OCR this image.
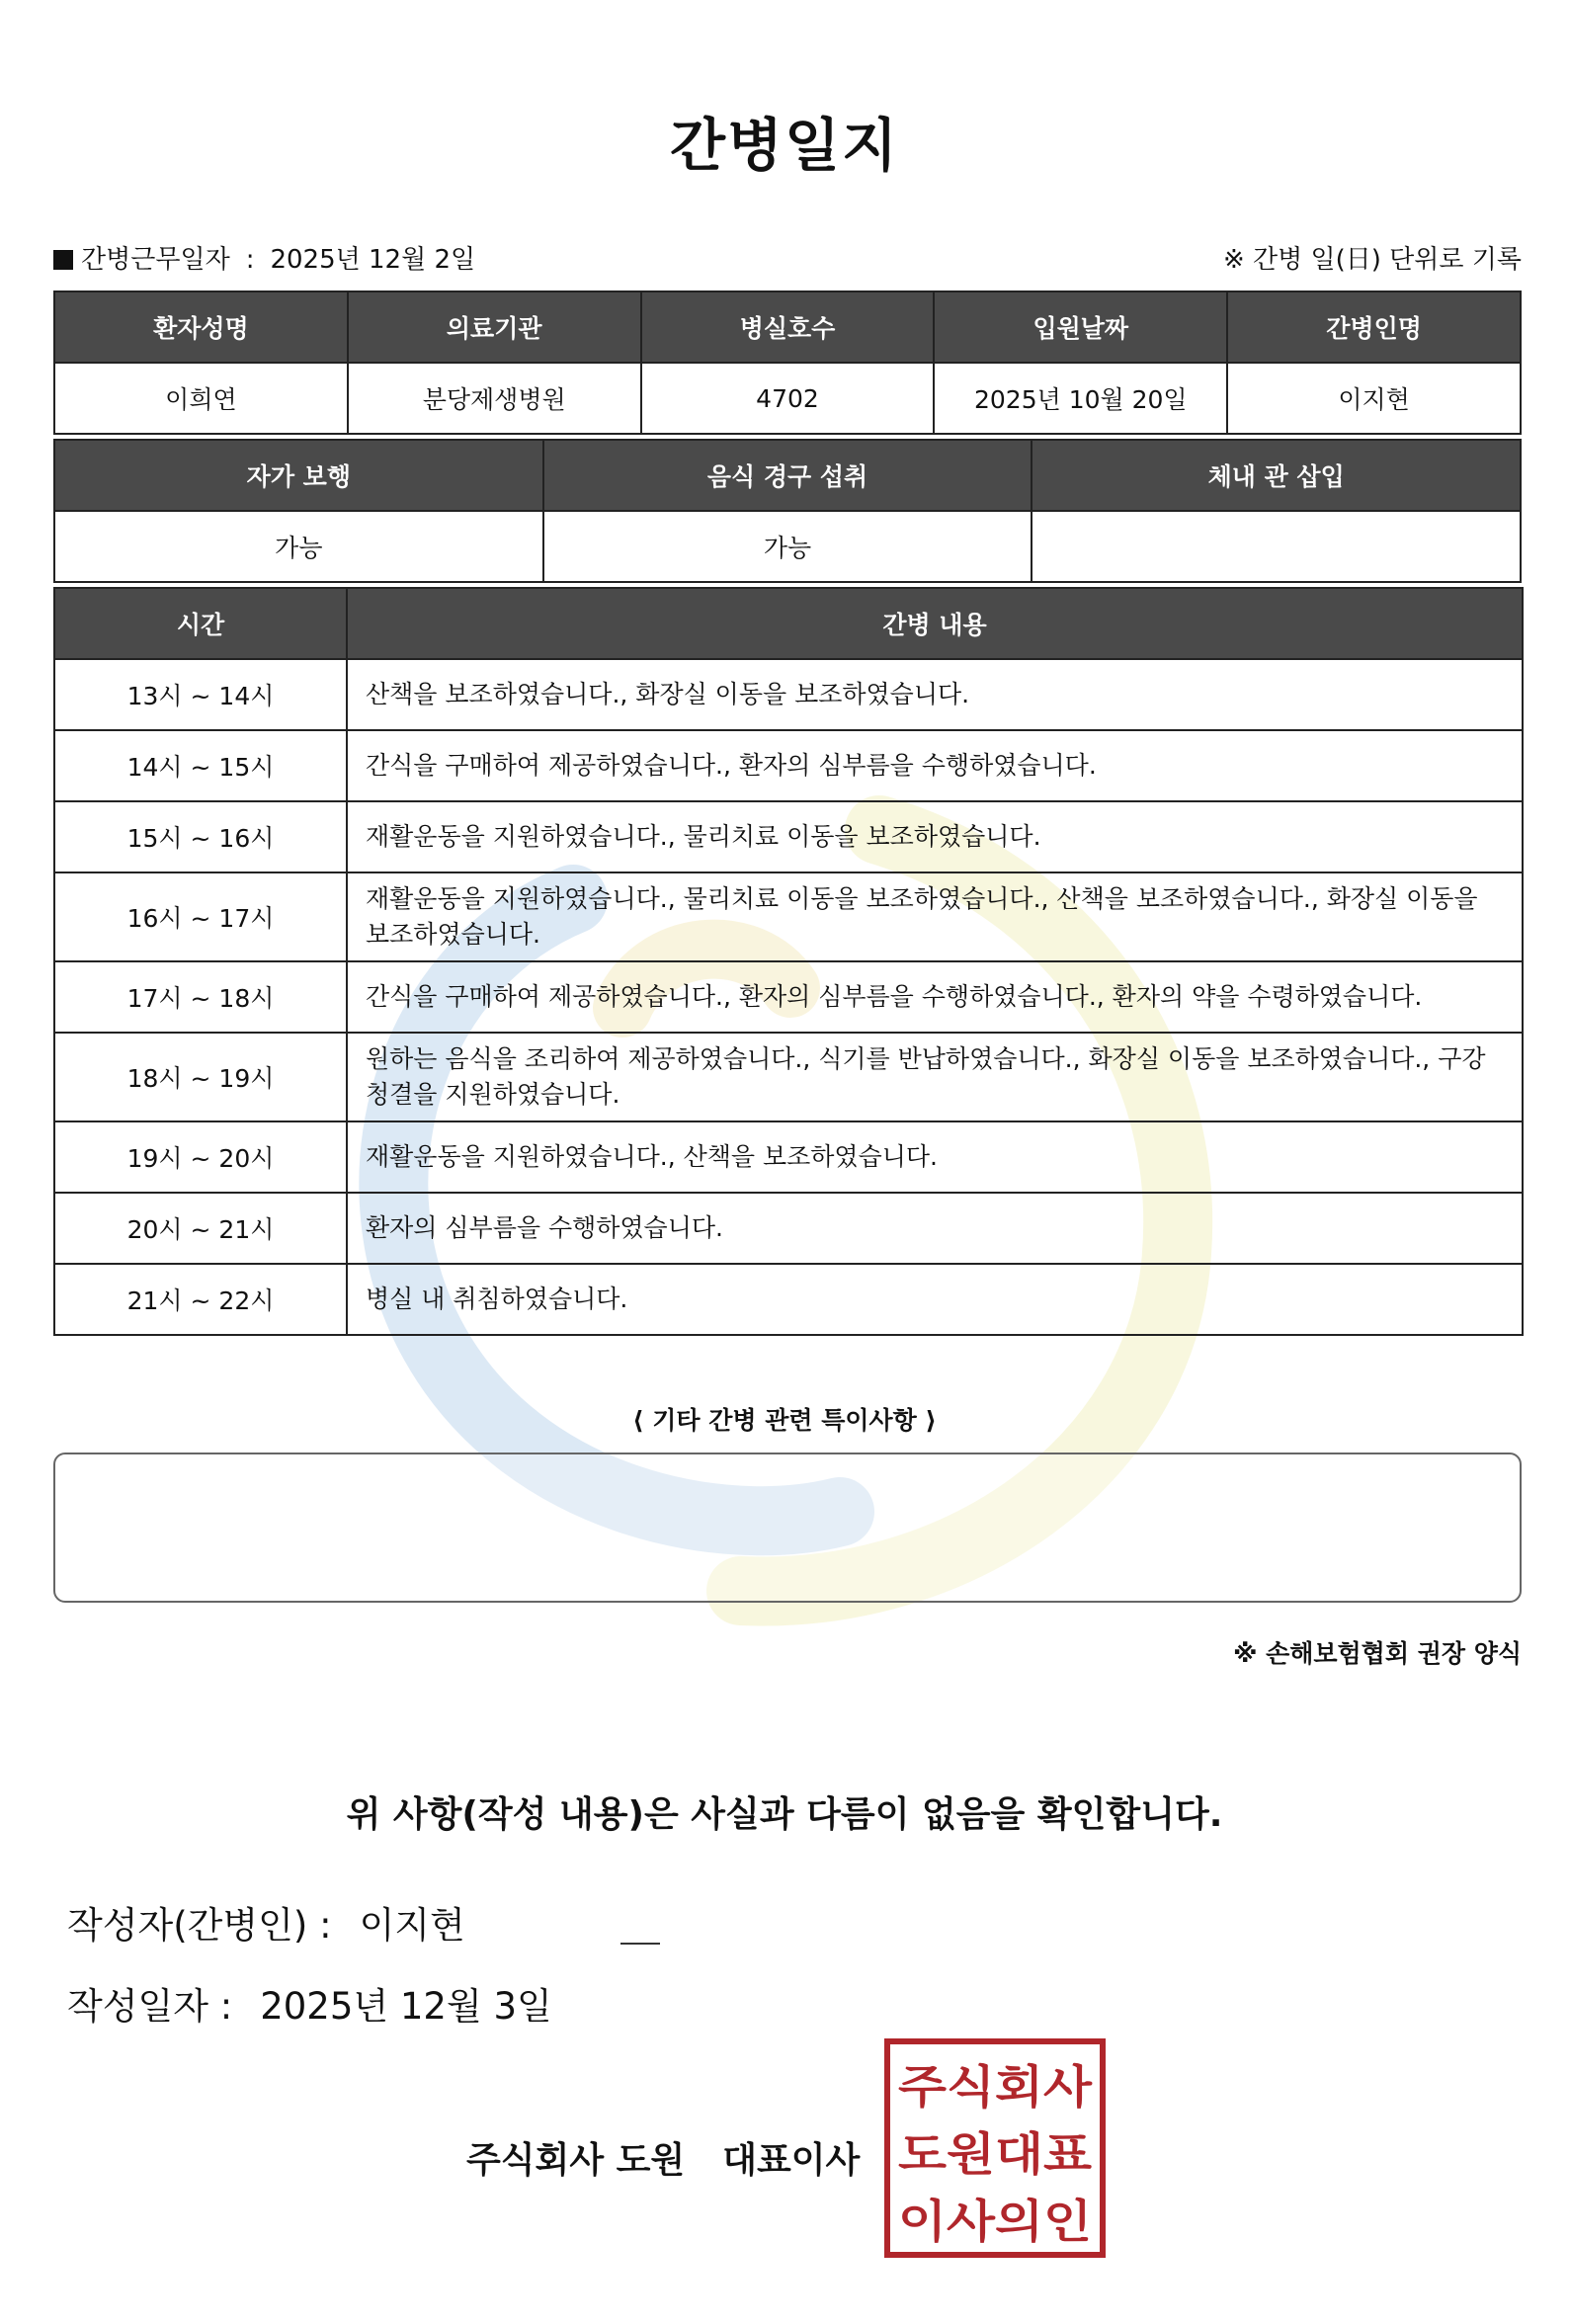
간병일지
간병근무일자 : 2025년 12월 2일	※ 간병 일(日) 단위로 기록
환자성명	의료기관	병실호수	입원날짜	간병인명
이희연	분당제생병원	4702	2025년 10월 20일	이지현
자가 보행	음식 경구 섭취	체내 관 삽입
가능	가능	
시간	간병 내용
13시 ~ 14시	산책을 보조하였습니다., 화장실 이동을 보조하였습니다.
14시 ~ 15시	간식을 구매하여 제공하였습니다., 환자의 심부름을 수행하였습니다.
15시 ~ 16시	재활운동을 지원하였습니다., 물리치료 이동을 보조하였습니다.
16시 ~ 17시	재활운동을 지원하였습니다., 물리치료 이동을 보조하였습니다., 산책을 보조하였습니다., 화장실 이동을 보조하였습니다.
17시 ~ 18시	간식을 구매하여 제공하였습니다., 환자의 심부름을 수행하였습니다., 환자의 약을 수령하였습니다.
18시 ~ 19시	원하는 음식을 조리하여 제공하였습니다., 식기를 반납하였습니다., 화장실 이동을 보조하였습니다., 구강 청결을 지원하였습니다.
19시 ~ 20시	재활운동을 지원하였습니다., 산책을 보조하였습니다.
20시 ~ 21시	환자의 심부름을 수행하였습니다.
21시 ~ 22시	병실 내 취침하였습니다.
⟨ 기타 간병 관련 특이사항 ⟩
※ 손해보험협회 권장 양식
위 사항(작성 내용)은 사실과 다름이 없음을 확인합니다.
작성자(간병인) : 이지현
작성일자 : 2025년 12월 3일
주식회사 도원 대표이사
주식회사
도원대표
이사의인
